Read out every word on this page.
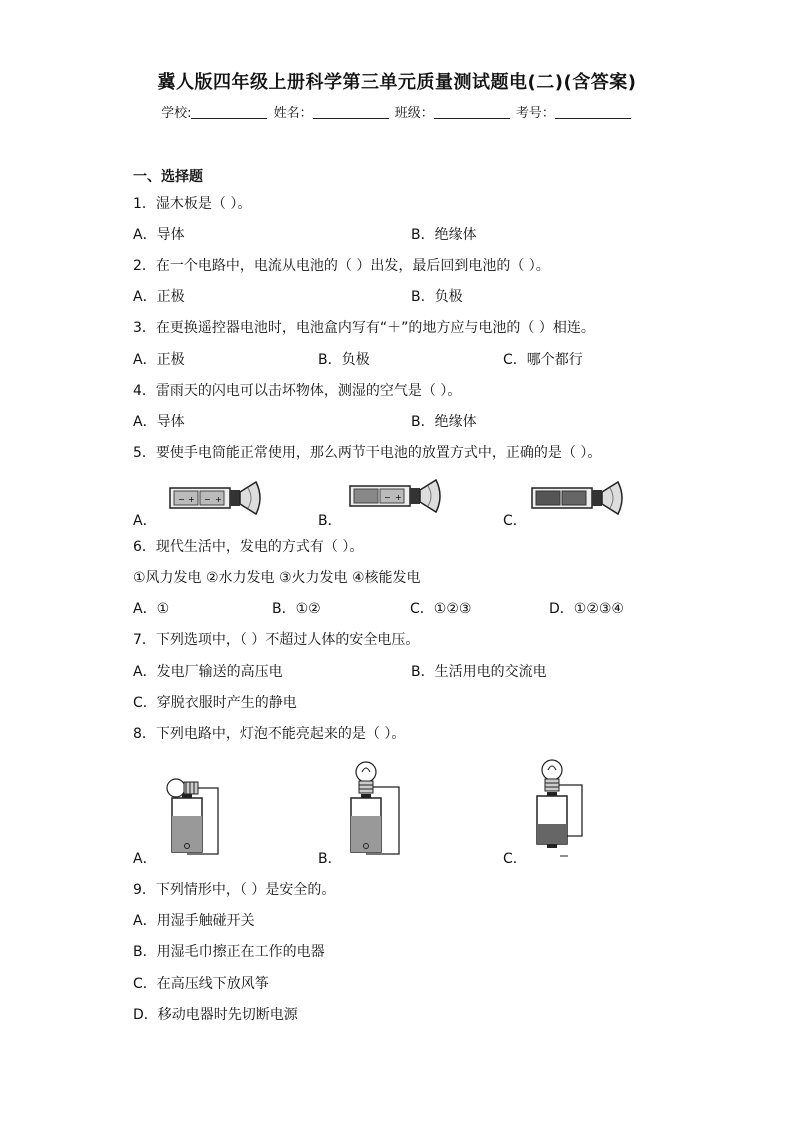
冀人版四年级上册科学第三单元质量测试题电(二)(含答案)
学校:	姓名：	班级：	考号：
一、选择题
1．湿木板是（ ）。
A．导体	B．绝缘体
2．在一个电路中，电流从电池的（ ）出发，最后回到电池的（ ）。
A．正极	B．负极
3．在更换遥控器电池时，电池盒内写有“＋”的地方应与电池的（ ）相连。
A．正极	B．负极	C．哪个都行
4．雷雨天的闪电可以击坏物体，测湿的空气是（ ）。
A．导体	B．绝缘体
5．要使手电筒能正常使用，那么两节干电池的放置方式中，正确的是（ ）。
A．	B．	C．
− + − +	− +
6．现代生活中，发电的方式有（ ）。
①风力发电 ②水力发电 ③火力发电 ④核能发电
A．①	B．①②	C．①②③	D．①②③④
7．下列选项中，（ ）不超过人体的安全电压。
A．发电厂输送的高压电	B．生活用电的交流电
C．穿脱衣服时产生的静电
8．下列电路中，灯泡不能亮起来的是（ ）。
A．	B．	C．
9．下列情形中，（ ）是安全的。
A．用湿手触碰开关
B．用湿毛巾擦正在工作的电器
C．在高压线下放风筝
D．移动电器时先切断电源
